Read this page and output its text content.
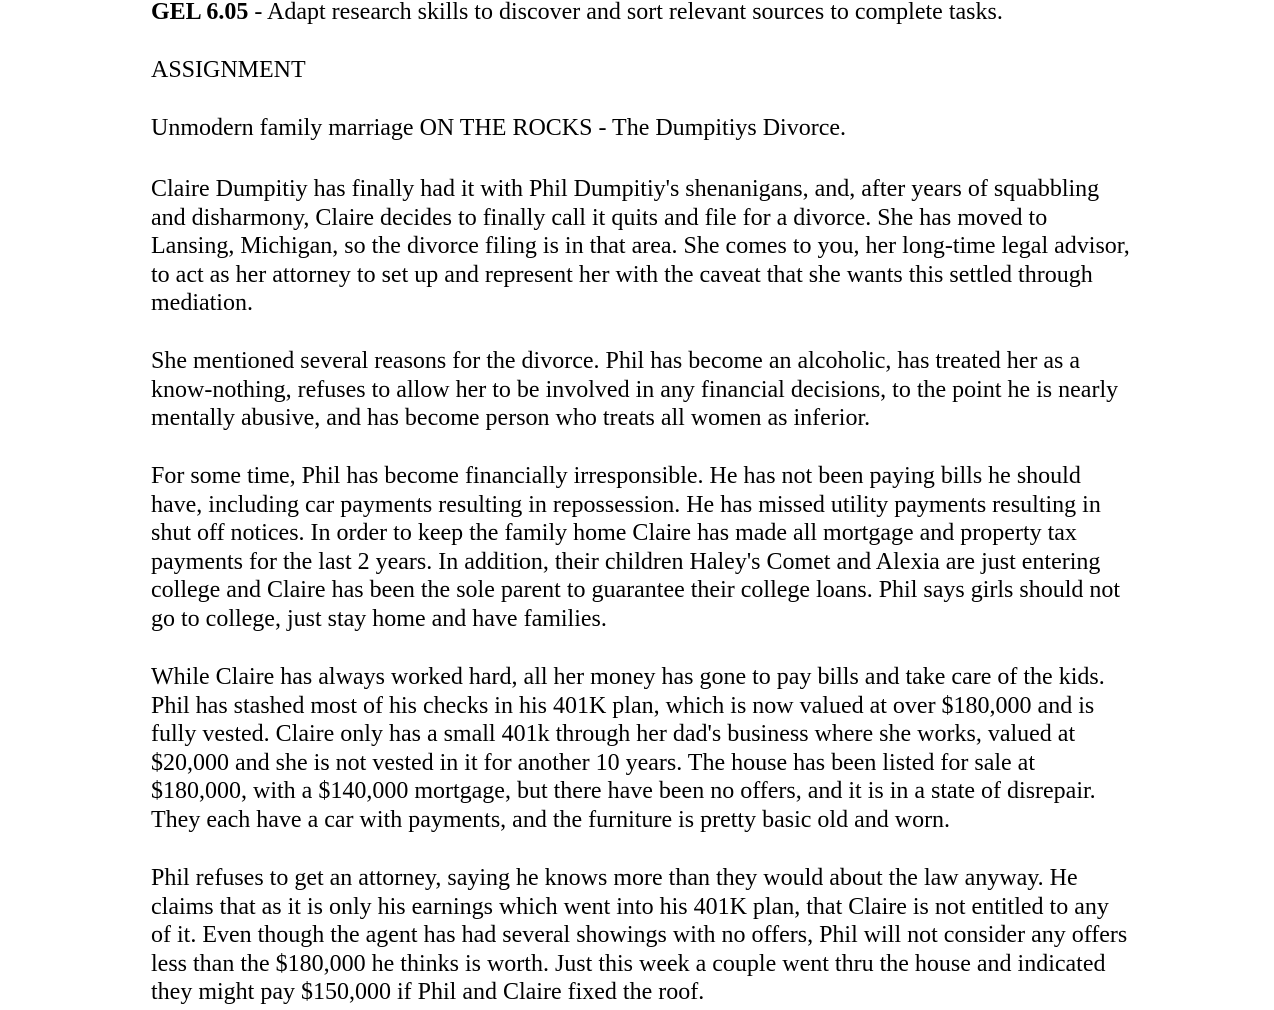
GEL 6.05 - Adapt research skills to discover and sort relevant sources to complete tasks.

ASSIGNMENT

Unmodern family marriage ON THE ROCKS - The Dumpitiys Divorce.

Claire Dumpitiy has finally had it with Phil Dumpitiy's shenanigans, and, after years of squabbling and disharmony, Claire decides to finally call it quits and file for a divorce. She has moved to Lansing, Michigan, so the divorce filing is in that area. She comes to you, her long-time legal advisor, to act as her attorney to set up and represent her with the caveat that she wants this settled through mediation.

She mentioned several reasons for the divorce. Phil has become an alcoholic, has treated her as a know-nothing, refuses to allow her to be involved in any financial decisions, to the point he is nearly mentally abusive, and has become person who treats all women as inferior.

For some time, Phil has become financially irresponsible. He has not been paying bills he should have, including car payments resulting in repossession. He has missed utility payments resulting in shut off notices. In order to keep the family home Claire has made all mortgage and property tax payments for the last 2 years. In addition, their children Haley's Comet and Alexia are just entering college and Claire has been the sole parent to guarantee their college loans. Phil says girls should not go to college, just stay home and have families.

While Claire has always worked hard, all her money has gone to pay bills and take care of the kids. Phil has stashed most of his checks in his 401K plan, which is now valued at over $180,000 and is fully vested. Claire only has a small 401k through her dad's business where she works, valued at $20,000 and she is not vested in it for another 10 years. The house has been listed for sale at $180,000, with a $140,000 mortgage, but there have been no offers, and it is in a state of disrepair. They each have a car with payments, and the furniture is pretty basic old and worn.

Phil refuses to get an attorney, saying he knows more than they would about the law anyway. He claims that as it is only his earnings which went into his 401K plan, that Claire is not entitled to any of it. Even though the agent has had several showings with no offers, Phil will not consider any offers less than the $180,000 he thinks is worth. Just this week a couple went thru the house and indicated they might pay $150,000 if Phil and Claire fixed the roof.
